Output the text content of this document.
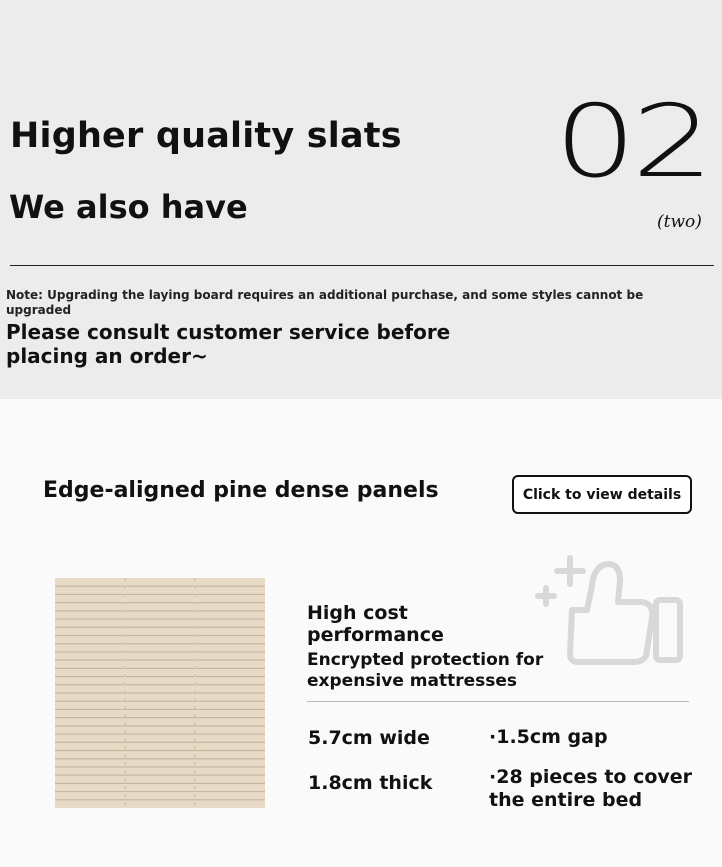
Higher quality slats
We also have
02
(two)
Note: Upgrading the laying board requires an additional purchase, and some styles cannot be upgraded
Please consult customer service before placing an order~
Edge-aligned pine dense panels	Click to view details
High cost performance
Encrypted protection for expensive mattresses
5.7cm wide	·1.5cm gap
1.8cm thick	·28 pieces to cover the entire bed
